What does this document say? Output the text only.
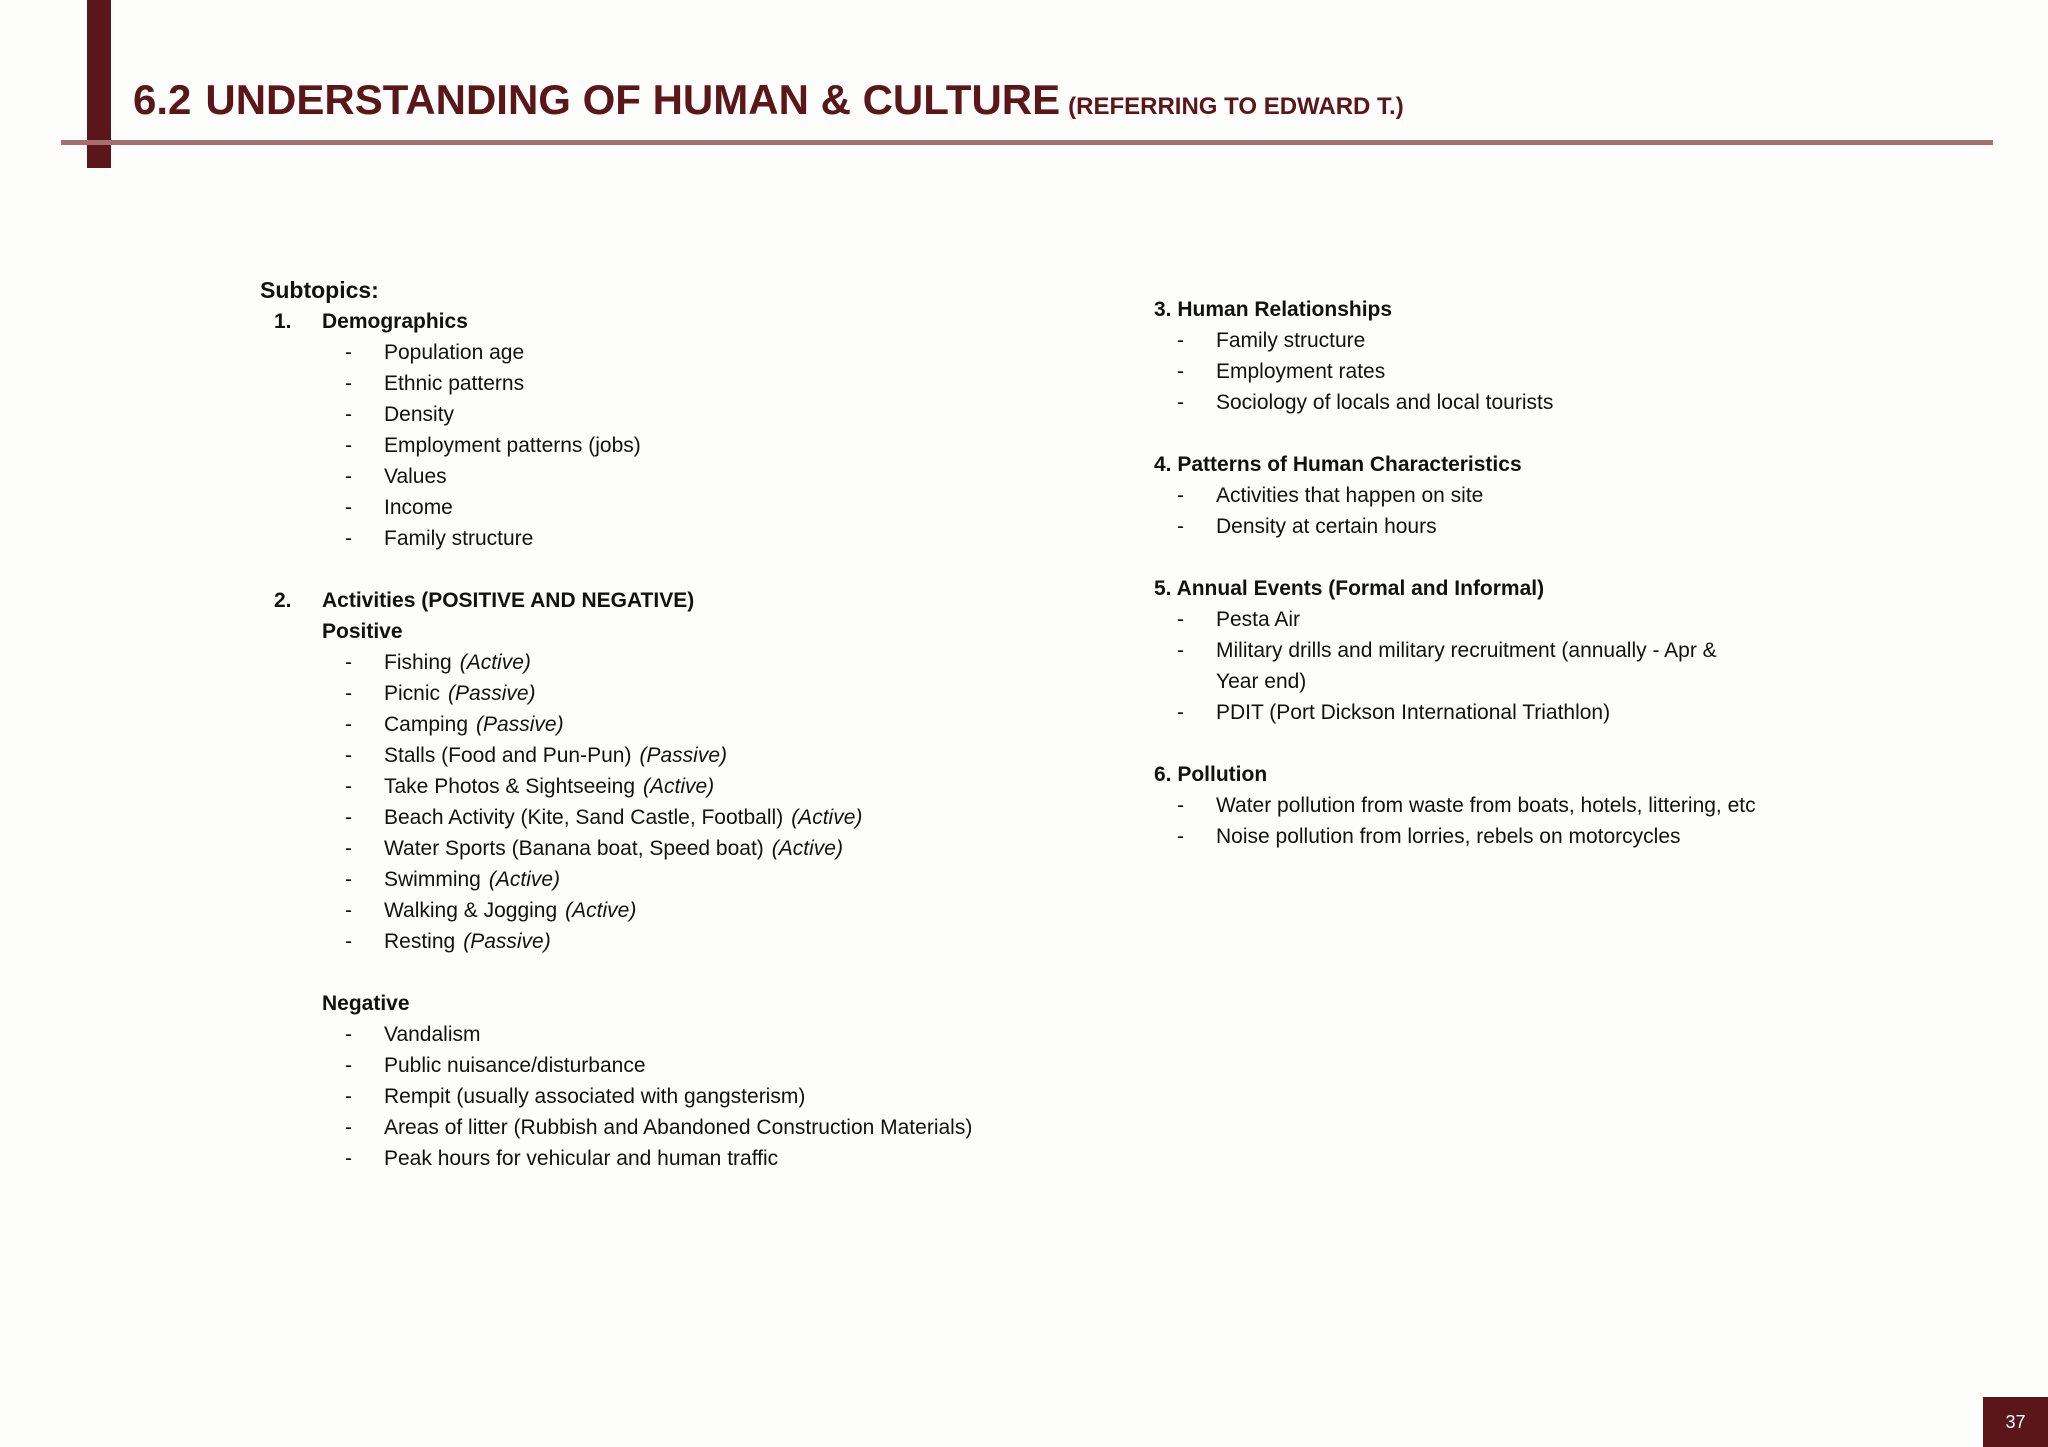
6.2 UNDERSTANDING OF HUMAN & CULTURE (REFERRING TO EDWARD T.)
Subtopics:
1. Demographics
- Population age
- Ethnic patterns
- Density
- Employment patterns (jobs)
- Values
- Income
- Family structure
2. Activities (POSITIVE AND NEGATIVE)
Positive
- Fishing (Active)
- Picnic (Passive)
- Camping (Passive)
- Stalls (Food and Pun-Pun) (Passive)
- Take Photos & Sightseeing (Active)
- Beach Activity (Kite, Sand Castle, Football) (Active)
- Water Sports (Banana boat, Speed boat) (Active)
- Swimming (Active)
- Walking & Jogging (Active)
- Resting (Passive)
Negative
- Vandalism
- Public nuisance/disturbance
- Rempit (usually associated with gangsterism)
- Areas of litter (Rubbish and Abandoned Construction Materials)
- Peak hours for vehicular and human traffic
3. Human Relationships
- Family structure
- Employment rates
- Sociology of locals and local tourists
4. Patterns of Human Characteristics
- Activities that happen on site
- Density at certain hours
5. Annual Events (Formal and Informal)
- Pesta Air
- Military drills and military recruitment (annually - Apr & Year end)
- PDIT (Port Dickson International Triathlon)
6. Pollution
- Water pollution from waste from boats, hotels, littering, etc
- Noise pollution from lorries, rebels on motorcycles
37
